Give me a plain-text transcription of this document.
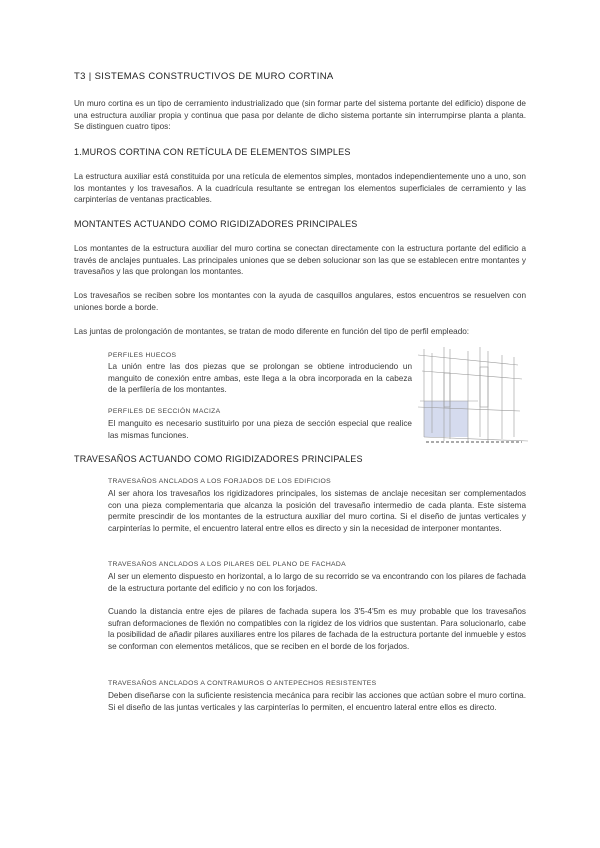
T3 | SISTEMAS CONSTRUCTIVOS DE MURO CORTINA
Un muro cortina es un tipo de cerramiento industrializado que (sin formar parte del sistema portante del edificio) dispone de una estructura auxiliar propia y continua que pasa por delante de dicho sistema portante sin interrumpirse planta a planta. Se distinguen cuatro tipos:
1.MUROS CORTINA CON RETÍCULA DE ELEMENTOS SIMPLES
La estructura auxiliar está constituida por una retícula de elementos simples, montados independientemente uno a uno, son los montantes y los travesaños. A la cuadrícula resultante se entregan los elementos superficiales de cerramiento y las carpinterías de ventanas practicables.
MONTANTES ACTUANDO COMO RIGIDIZADORES PRINCIPALES
Los montantes de la estructura auxiliar del muro cortina se conectan directamente con la estructura portante del edificio a través de anclajes puntuales. Las principales uniones que se deben solucionar son las que se establecen entre montantes y travesaños y las que prolongan los montantes.
Los travesaños se reciben sobre los montantes con la ayuda de casquillos angulares, estos encuentros se resuelven con uniones borde a borde.
Las juntas de prolongación de montantes, se tratan de modo diferente en función del tipo de perfil empleado:
PERFILES HUECOS
La unión entre las dos piezas que se prolongan se obtiene introduciendo un manguito de conexión entre ambas, este llega a la obra incorporada en la cabeza de la perfilería de los montantes.
PERFILES DE SECCIÓN MACIZA
El manguito es necesario sustituirlo por una pieza de sección especial que realice las mismas funciones.
TRAVESAÑOS ACTUANDO COMO RIGIDIZADORES PRINCIPALES
TRAVESAÑOS ANCLADOS A LOS FORJADOS DE LOS EDIFICIOS
Al ser ahora los travesaños los rigidizadores principales, los sistemas de anclaje necesitan ser complementados con una pieza complementaria que alcanza la posición del travesaño intermedio de cada planta. Este sistema permite prescindir de los montantes de la estructura auxiliar del muro cortina. Si el diseño de juntas verticales y carpinterías lo permite, el encuentro lateral entre ellos es directo y sin la necesidad de interponer montantes.
TRAVESAÑOS ANCLADOS A LOS PILARES DEL PLANO DE FACHADA
Al ser un elemento dispuesto en horizontal, a lo largo de su recorrido se va encontrando con los pilares de fachada de la estructura portante del edificio y no con los forjados.
Cuando la distancia entre ejes de pilares de fachada supera los 3'5-4'5m es muy probable que los travesaños sufran deformaciones de flexión no compatibles con la rigidez de los vidrios que sustentan. Para solucionarlo, cabe la posibilidad de añadir pilares auxiliares entre los pilares de fachada de la estructura portante del inmueble y estos se conforman con elementos metálicos, que se reciben en el borde de los forjados.
TRAVESAÑOS ANCLADOS A CONTRAMUROS O ANTEPECHOS RESISTENTES
Deben diseñarse con la suficiente resistencia mecánica para recibir las acciones que actúan sobre el muro cortina. Si el diseño de las juntas verticales y las carpinterías lo permiten, el encuentro lateral entre ellos es directo.
